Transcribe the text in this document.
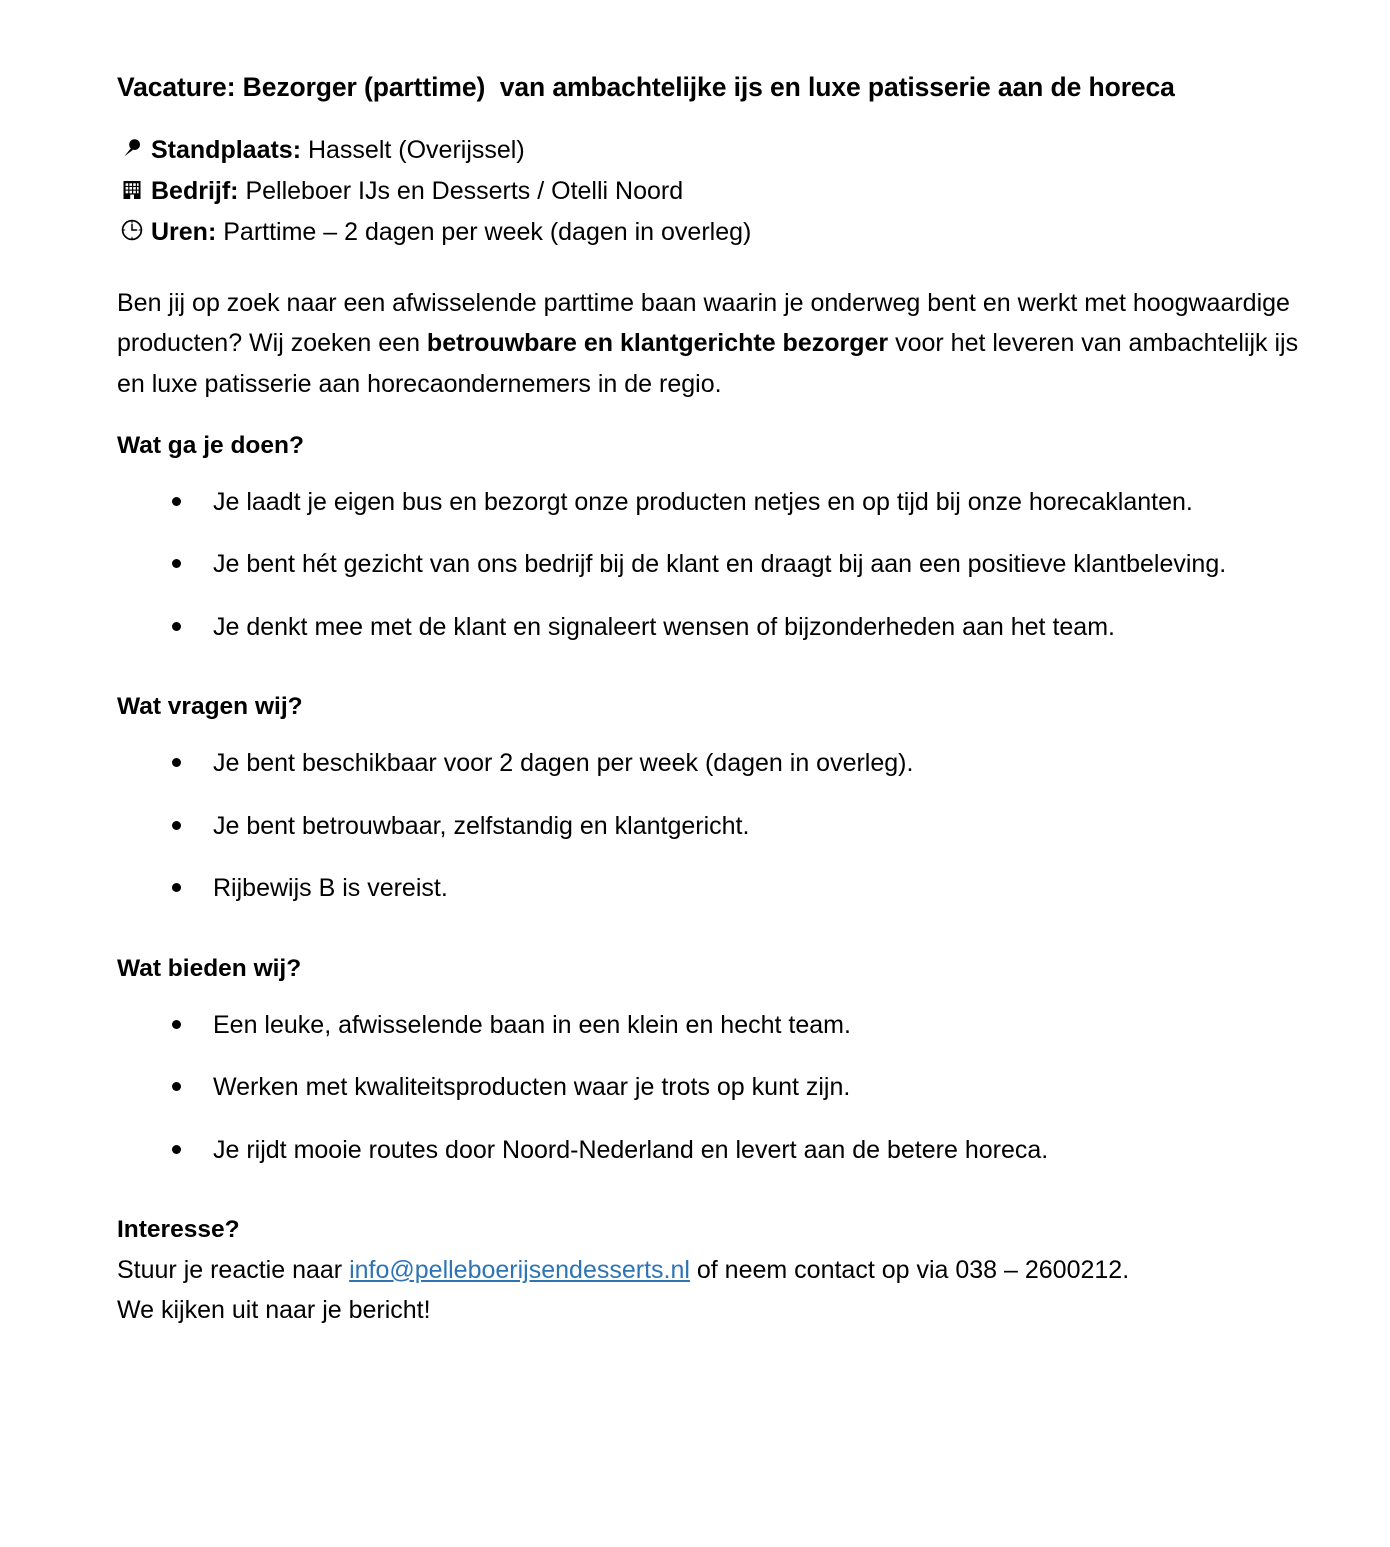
Vacature: Bezorger (parttime)  van ambachtelijke ijs en luxe patisserie aan de horeca
Standplaats: Hasselt (Overijssel)
Bedrijf: Pelleboer IJs en Desserts / Otelli Noord
Uren: Parttime – 2 dagen per week (dagen in overleg)

Ben jij op zoek naar een afwisselende parttime baan waarin je onderweg bent en werkt met hoogwaardige producten? Wij zoeken een betrouwbare en klantgerichte bezorger voor het leveren van ambachtelijk ijs en luxe patisserie aan horecaondernemers in de regio.

Wat ga je doen?
Je laadt je eigen bus en bezorgt onze producten netjes en op tijd bij onze horecaklanten.
Je bent hét gezicht van ons bedrijf bij de klant en draagt bij aan een positieve klantbeleving.
Je denkt mee met de klant en signaleert wensen of bijzonderheden aan het team.
Wat vragen wij?
Je bent beschikbaar voor 2 dagen per week (dagen in overleg).
Je bent betrouwbaar, zelfstandig en klantgericht.
Rijbewijs B is vereist.
Wat bieden wij?
Een leuke, afwisselende baan in een klein en hecht team.
Werken met kwaliteitsproducten waar je trots op kunt zijn.
Je rijdt mooie routes door Noord-Nederland en levert aan de betere horeca.
Interesse?

Stuur je reactie naar info@pelleboerijsendesserts.nl of neem contact op via 038 – 2600212.

We kijken uit naar je bericht!
